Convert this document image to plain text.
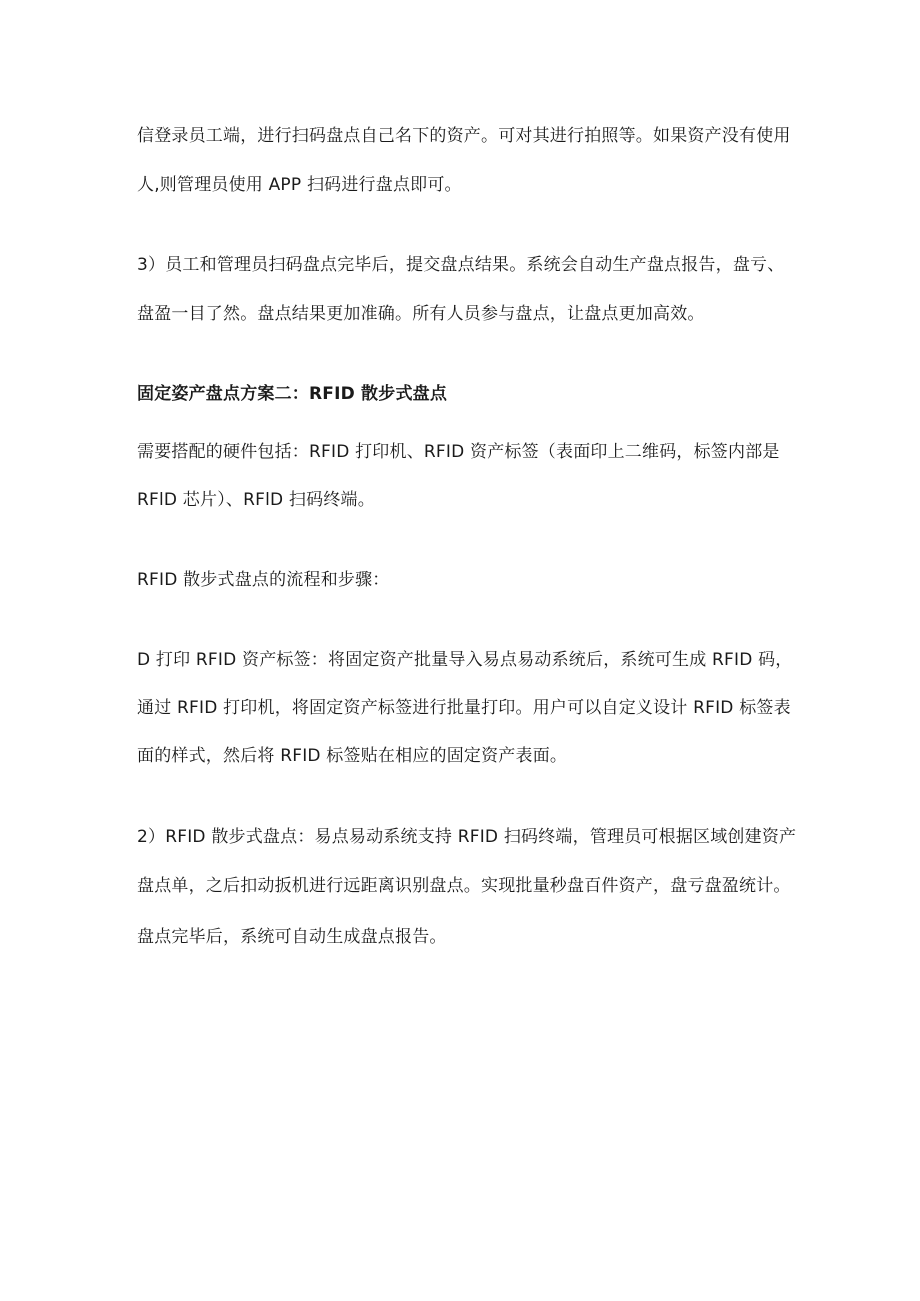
信登录员工端，进行扫码盘点自己名下的资产。可对其进行拍照等。如果资产没有使用
人,则管理员使用 APP 扫码进行盘点即可。
3）员工和管理员扫码盘点完毕后，提交盘点结果。系统会自动生产盘点报告，盘亏、
盘盈一目了然。盘点结果更加准确。所有人员参与盘点，让盘点更加高效。
固定姿产盘点方案二：RFID 散步式盘点
需要搭配的硬件包括：RFID 打印机、RFID 资产标签（表面印上二维码，标签内部是
RFlD 芯片）、RFlD 扫码终端。
RFID 散步式盘点的流程和步骤：
D 打印 RFID 资产标签：将固定资产批量导入易点易动系统后，系统可生成 RFID 码，
通过 RFID 打印机，将固定资产标签进行批量打印。用户可以自定义设计 RFID 标签表
面的样式，然后将 RFID 标签贴在相应的固定资产表面。
2）RFID 散步式盘点：易点易动系统支持 RFID 扫码终端，管理员可根据区域创建资产
盘点单，之后扣动扳机进行远距离识别盘点。实现批量秒盘百件资产，盘亏盘盈统计。
盘点完毕后，系统可自动生成盘点报告。
